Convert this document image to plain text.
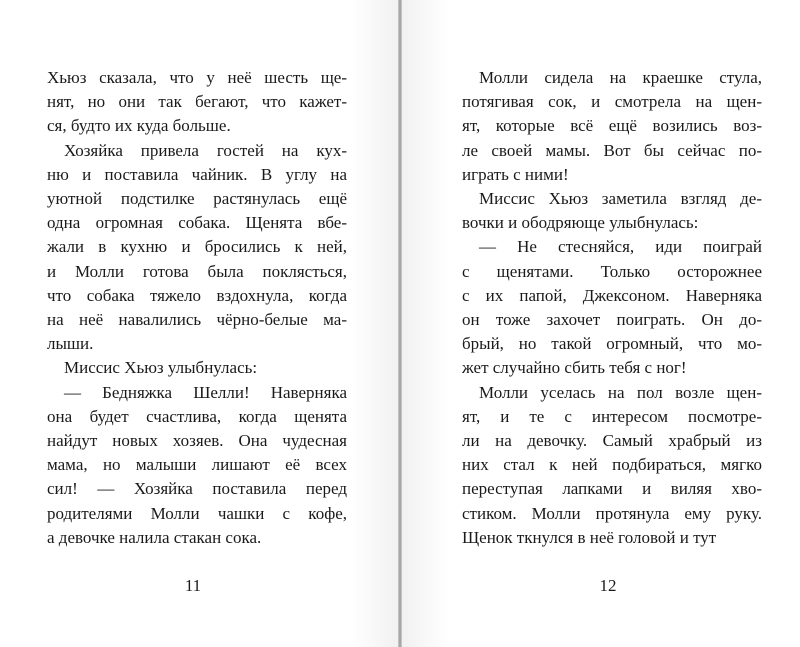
Хьюз сказала, что у неё шесть ще-
нят, но они так бегают, что кажет-
ся, будто их куда больше.

Хозяйка привела гостей на кух-
ню и поставила чайник. В углу на
уютной подстилке растянулась ещё
одна огромная собака. Щенята вбе-
жали в кухню и бросились к ней,
и Молли готова была поклясться,
что собака тяжело вздохнула, когда
на неё навалились чёрно-белые ма-
лыши.

Миссис Хьюз улыбнулась:

— Бедняжка Шелли! Наверняка
она будет счастлива, когда щенята
найдут новых хозяев. Она чудесная
мама, но малыши лишают её всех
сил! — Хозяйка поставила перед
родителями Молли чашки с кофе,
а девочке налила стакан сока.

Молли сидела на краешке стула,
потягивая сок, и смотрела на щен-
ят, которые всё ещё возились воз-
ле своей мамы. Вот бы сейчас по-
играть с ними!

Миссис Хьюз заметила взгляд де-
вочки и ободряюще улыбнулась:

— Не стесняйся, иди поиграй
с щенятами. Только осторожнее
с их папой, Джексоном. Наверняка
он тоже захочет поиграть. Он до-
брый, но такой огромный, что мо-
жет случайно сбить тебя с ног!

Молли уселась на пол возле щен-
ят, и те с интересом посмотре-
ли на девочку. Самый храбрый из
них стал к ней подбираться, мягко
переступая лапками и виляя хво-
стиком. Молли протянула ему руку.
Щенок ткнулся в неё головой и тут

11	12
